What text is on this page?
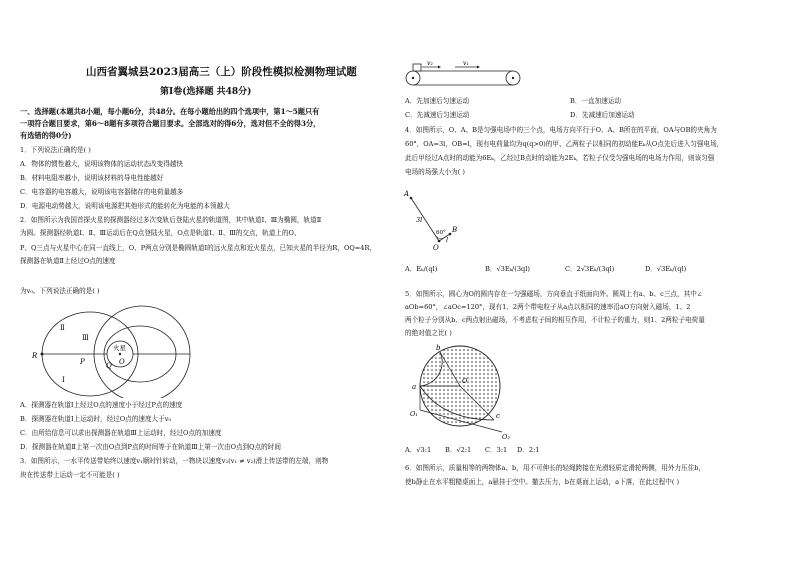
山西省翼城县2023届高三（上）阶段性模拟检测物理试题
第Ⅰ卷(选择题 共48分)
一、选择题(本题共8小题，每小题6分，共48分。在每小题给出的四个选项中，第1～5题只有
一项符合题目要求，第6～8题有多项符合题目要求。全部选对的得6分，选对但不全的得3分，
有选错的得0分)
1．下列说法正确的是( )
A．物体的惯性越大，说明该物体的运动状态改变得越快
B．材料电阻率越小，说明该材料的导电性能越好
C．电容器的电容越大，说明该电容器储存的电荷量越多
D．电源电动势越大，说明该电源把其他形式的能转化为电能的本领越大
2．如图所示为我国首探火星的探测器经过多次变轨后登陆火星的轨道图，其中轨道Ⅰ、Ⅲ为椭圆，轨道Ⅱ
为圆。探测器经轨道Ⅰ、Ⅱ、Ⅲ运动后在Q点登陆火星，O点是轨道Ⅰ、Ⅱ、Ⅲ的交点，轨道上的O、
P、Q三点与火星中心在同一直线上，O、P两点分别是椭圆轨道Ⅰ的远火星点和近火星点，已知火星的半径为R，OQ=4R，探测器在轨道Ⅱ上经过O点的速度
为v₀。下列说法正确的是( )
火星
R
P	Q O
Ⅲ
Ⅱ
Ⅰ
A．探测器在轨道Ⅰ上经过O点的速度小于经过P点的速度
B．探测器在轨道Ⅰ上运动时，经过O点的速度大于v₀
C．由所给信息可以求出探测器在轨道Ⅲ上运动时，经过O点的加速度
D．探测器在轨道Ⅱ上第一次由O点到P点的时间等于在轨道Ⅲ上第一次由O点到Q点的时间
3．如图所示，一水平传送带始终以速度v₁顺时针转动，一物块以速度v₂(v₁ ≠ v₂)滑上传送带的左端，则物
块在传送带上运动一定不可能是( )
v₂	v₁
A．先加速后匀速运动	B．一直加速运动
C．先减速后匀速运动	D．先减速后加速运动
4．如图所示，O、A、B是匀强电场中的三个点，电场方向平行于O、A、B所在的平面，OA与OB的夹角为
60°，OA=3l，OB=l，现有电荷量均为q(q>0)的甲、乙两粒子以相同的初动能Eₖ从O点先后进入匀强电场，
此后甲经过A点时的动能为6Eₖ，乙经过B点时的动能为2Eₖ，若粒子仅受匀强电场的电场力作用，则该匀强
电场的场强大小为( )
A
B
O
3l
l
60°
A．Eₖ/(ql)	B．√3Eₖ/(3ql)	C．2√3Eₖ/(3ql)	D．√3Eₖ/(ql)
5．如图所示，圆心为O的圆内存在一匀强磁场，方向垂直于纸面向外。圆周上有a、b、c三点，其中∠
aOb=60°，∠aOc=120°，现有1、2两个带电粒子从a点以相同的速率沿aO方向射入磁场，1、2
两个粒子分别从b、c两点射出磁场，不考虑粒子间的相互作用，不计粒子的重力，则1、2两粒子电荷量
的绝对值之比( )
a
b
c
O
O₁
O₂
A．√3:1 B．√2:1 C．3:1 D．2:1
6．如图所示，质量相等的两物体a、b，用不可伸长的轻绳跨接在光滑轻质定滑轮两侧，用外力压住b，
使b静止在水平粗糙桌面上，a悬挂于空中。撤去压力，b在桌面上运动，a下落，在此过程中( )
